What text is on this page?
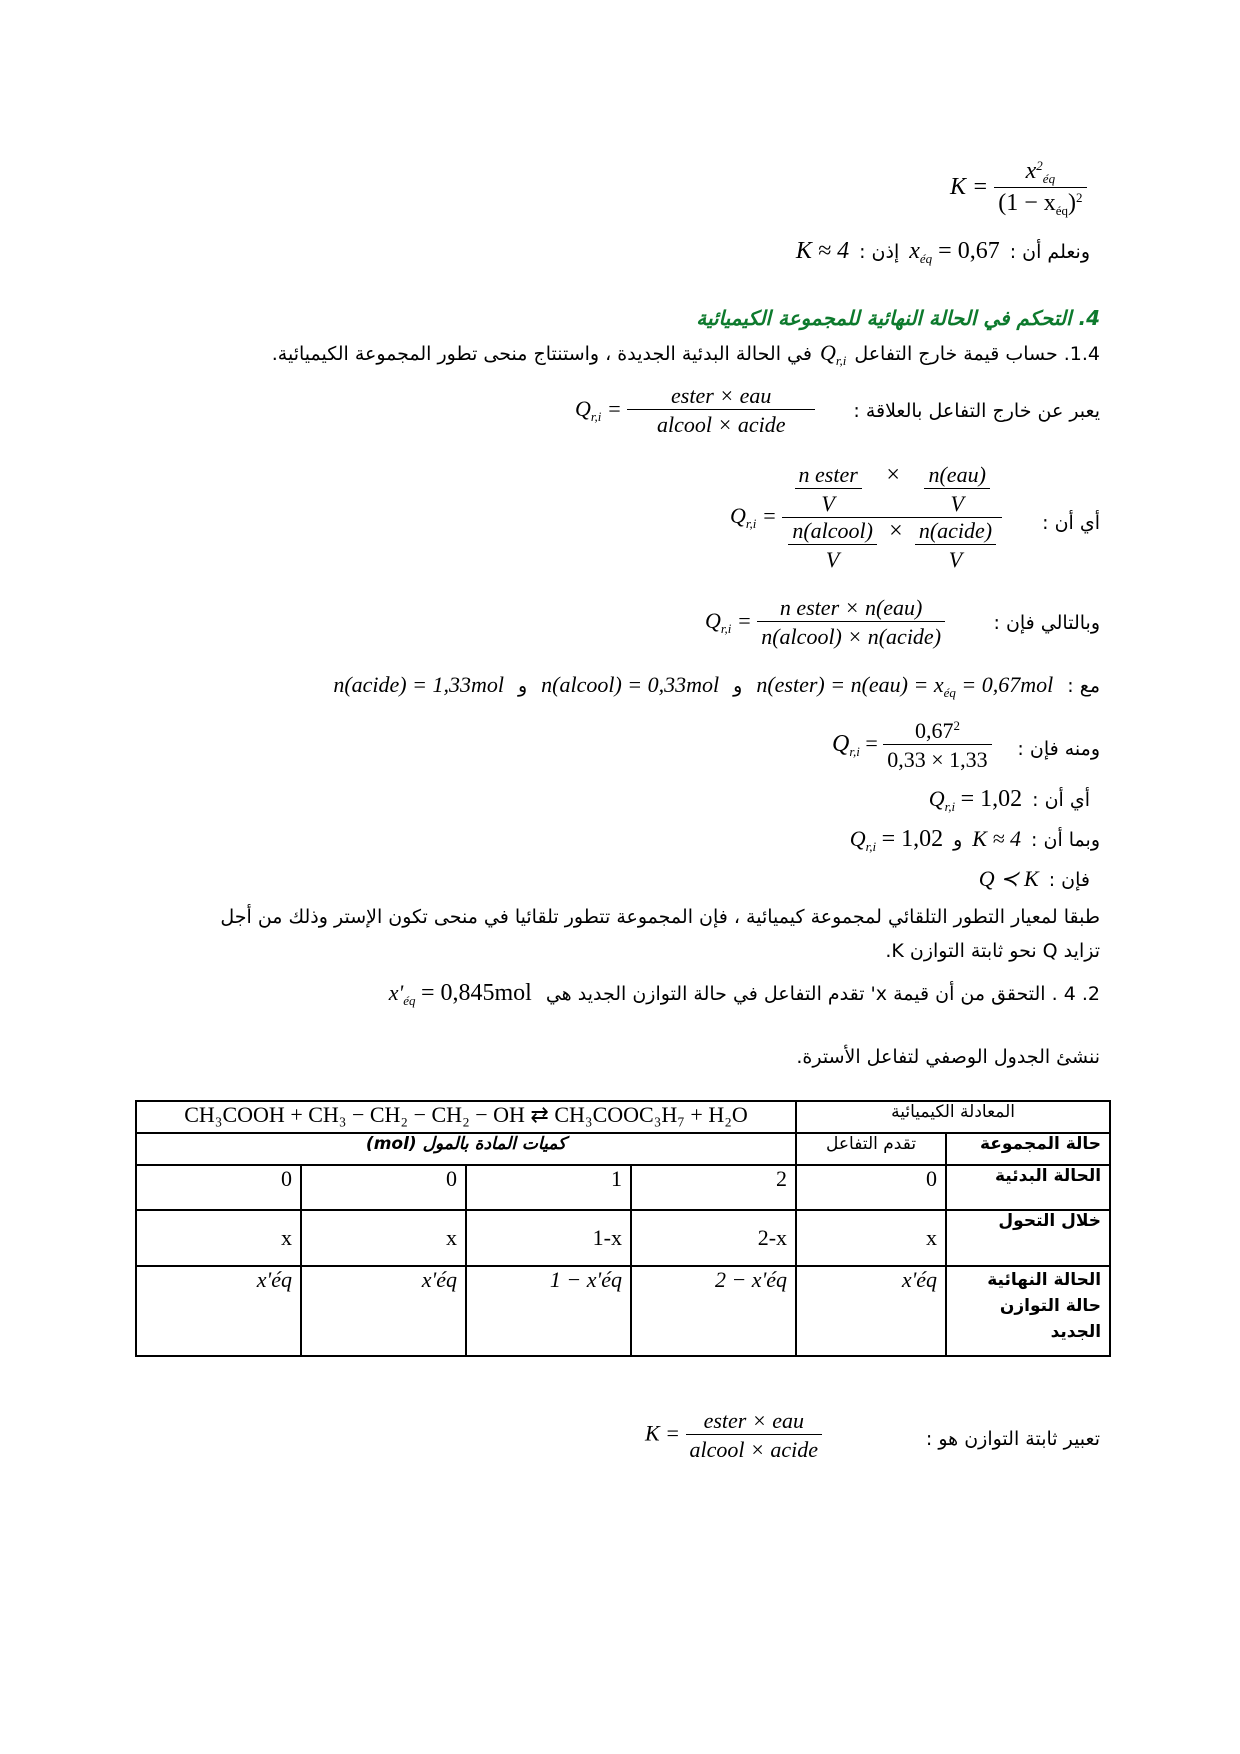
$K = \frac{x^2_{éq}}{(1 - x_{éq})^2}$
ونعلم أن :
$x_{éq} = 0,67$
إذن :
K ≈ 4
4. التحكم في الحالة النهائية للمجموعة الكيميائية
1.4. حساب قيمة خارج التفاعل
$Q_{r,i}$
في الحالة البدئية الجديدة ، واستنتاج منحى تطور المجموعة الكيميائية.
يعبر عن خارج التفاعل بالعلاقة :
$Q_{r,i} = \frac{\text{ester × eau}}{\text{alcool × acide}}$
أي أن :
$Q_{r,i} = \frac{\frac{\text{n ester}}{V} \times \frac{\text{n(eau)}}{V}}{\frac{\text{n(alcool)}}{V} \times \frac{\text{n(acide)}}{V}}$
وبالتالي فإن :
$Q_{r,i} = \frac{\text{n ester × n(eau)}}{\text{n(alcool) × n(acide)}}$
مع :
n(ester) = $n(eau) = x_{éq} = 0,67mol$
و
n(alcool) = 0,33mol
و
n(acide) = 1,33mol
ومنه فإن :
$Q_{r,i} = \frac{0,67^2}{0,33 \times 1,33}$
أي أن :
$Q_{r,i} = 1,02$
وبما أن :
K ≈ 4
و
$Q_{r,i} = 1,02$
فإن :
Q ≺ K
طبقا لمعيار التطور التلقائي لمجموعة كيميائية ، فإن المجموعة تتطور تلقائيا في منحى تكون الإستر وذلك من أجل
تزايد Q نحو ثابتة التوازن K.
2. 4 . التحقق من أن قيمة x' تقدم التفاعل في حالة التوازن الجديد هي
$x'_{éq} = 0,845mol$
ننشئ الجدول الوصفي لتفاعل الأسترة.
CH₃COOH + CH₃ − CH₂ − CH₂ − OH ⇄ CH₃COOC₃H₇ + H₂O				المعادلة الكيميائية	
كميات المادة بالمول (mol)				تقدم التفاعل	حالة المجموعة
0	0	1	2	0	الحالة البدئية
x	x	1-x	2-x	x	خلال التحول
x'éq	x'éq	1 − x'éq	2 − x'éq	x'éq	الحالة النهائية حالة التوازن الجديد
تعبير ثابتة التوازن هو :
$K = \frac{\text{ester × eau}}{\text{alcool × acide}}$
